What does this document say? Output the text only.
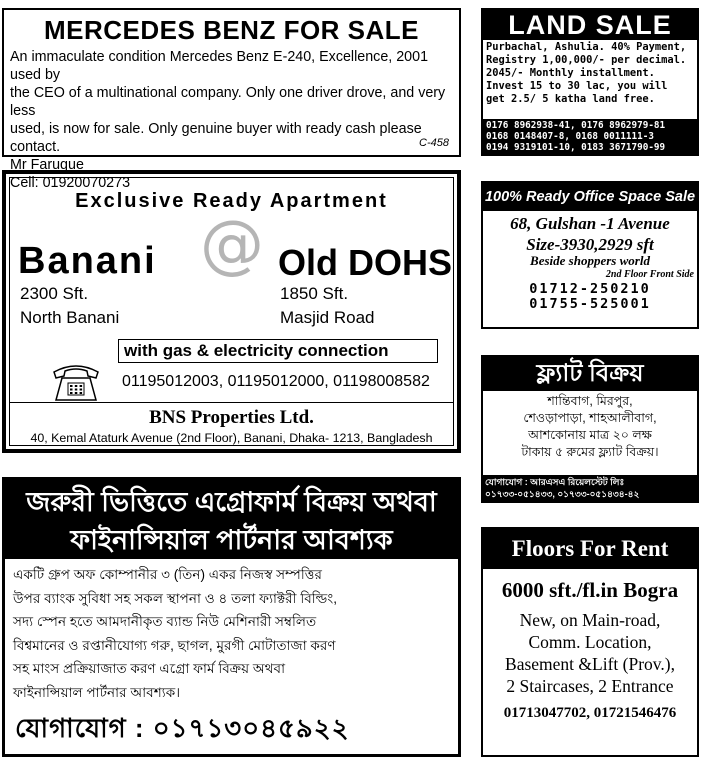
MERCEDES BENZ FOR SALE
An immaculate condition Mercedes Benz E-240, Excellence, 2001 used by
the CEO of a multinational company. Only one driver drove, and very less
used, is now for sale. Only genuine buyer with ready cash please contact.
Mr Faruque
Cell: 01920070273
C-458
LAND SALE
Purbachal, Ashulia. 40% Payment,
Registry 1,00,000/- per decimal.
2045/- Monthly installment.
Invest 15 to 30 lac, you will
get 2.5/ 5 katha land free.
0176 8962938-41, 0176 8962979-81
0168 0148407-8, 0168 0011111-3
0194 9319101-10, 0183 3671790-99
Exclusive Ready Apartment
@
Banani	Old DOHS
2300 Sft.	1850 Sft.
North Banani	Masjid Road
with gas & electricity connection
01195012003, 01195012000, 01198008582
BNS Properties Ltd.
40, Kemal Ataturk Avenue (2nd Floor), Banani, Dhaka- 1213, Bangladesh
100% Ready Office Space Sale
68, Gulshan -1 Avenue
Size-3930,2929 sft
Beside shoppers world
2nd Floor Front Side
01712-250210
01755-525001
ফ্ল্যাট বিক্রয়
শান্তিবাগ, মিরপুর,
শেওড়াপাড়া, শাহআলীবাগ,
আশকোনায় মাত্র ২০ লক্ষ
টাকায় ৫ রুমের ফ্ল্যাট বিক্রয়।
যোগাযোগ : আরএসএ রিয়েলস্টেট লিঃ
০১৭৩৩-০৫১৪৩৩, ০১৭৩৩-০৫১৪৩৪-৪২
জরুরী ভিত্তিতে এগ্রোফার্ম বিক্রয় অথবা
ফাইনান্সিয়াল পার্টনার আবশ্যক
একটি গ্রুপ অফ কোম্পানীর ৩ (তিন) একর নিজস্ব সম্পত্তির
উপর ব্যাংক সুবিধা সহ সকল স্থাপনা ও ৪ তলা ফ্যাক্টরী বিল্ডিং,
সদ্য স্পেন হতে আমদানীকৃত ব্যান্ড নিউ মেশিনারী সম্বলিত
বিশ্বমানের ও রপ্তানীযোগ্য গরু, ছাগল, মুরগী মোটাতাজা করণ
সহ মাংস প্রক্রিয়াজাত করণ এগ্রো ফার্ম বিক্রয় অথবা
ফাইনান্সিয়াল পার্টনার আবশ্যক।
যোগাযোগ : ০১৭১৩০৪৫৯২২
Floors For Rent
6000 sft./fl.in Bogra
New, on Main-road,
Comm. Location,
Basement &Lift (Prov.),
2 Staircases, 2 Entrance
01713047702, 01721546476
